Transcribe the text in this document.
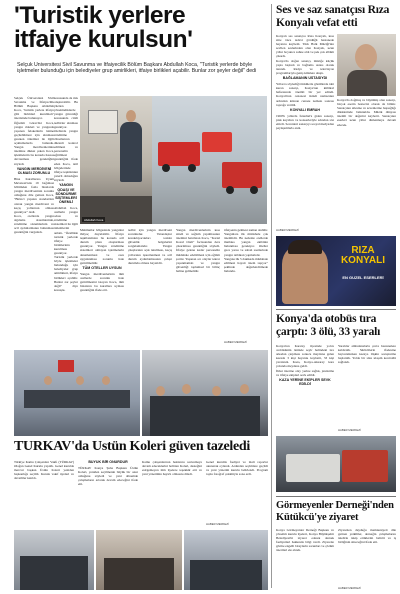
'Turistik yerlere
itfaiye kurulsun'
Selçuk Üniversitesi Sivil Savunma ve İtfaiyecilik Bölüm Başkanı Abdullah Koca, "Turistik yerlerde böyle işletmeler bulunduğu için belediyeler grup amirlikleri, itfaiye birlikleri açabilir. Bunlar zor şeyler değil" dedi
Selçuk Üniversitesi Sivil Savunma ve İtfaiyecilik Bölüm Başkanı Abdullah Koca, "turistik yerlere itfaiye gibi birimleri kurulmalı" önerisinde bulunuyor.
Öğretim Görevlisi Koca, yangın riskleri ve yangında yaşanan felaketlerin önüne geçilebilmesi için alınması gereken önlemler ile ilgili açıklamalarda bulundu. Yangın merdivenlerinin önemine dikkat çeken Koca, işletmelerin bu konuda hassas davranması gerektiğini söyledi.
YANGIN MERDİVENİ OLMASI ZORUNLU
Bina Kurallarına Uyum Mevzuatı'nda 19 bağımsız bölümden fazla binalarda yangın merdiveninin zorunlu olduğunu dile getiren Koca, "Birinci yapının standartları olarak yangın merdiveni ve kaçış yollarının olması gerekiyor" dedi.
Koca, otellerde yangın algılama sistemlerinin, söndürme sistemlerinin ve acil aydınlatmanın bulunması gerektiğini vurguladı.
Abdullah Koca
Mahmutlar bölgesinde yangınlar ihtiyaç duyulabilir. İtfaiye teşkilatımızın bu konuda acil durum planı oluşturması gerekiyor. Yangın söndürme sistemleri olmayan işletmelerin denetlenmesi ve ceza uygulanması zorunlu hale getirilmelidir.
TÜM OTELLER UYSUN
Yangın merdivenlerinin tüm otellerde zorunlu hale getirilmesini isteyen Koca, tüm binaların bu kurallara uyması gerektiğini ifade etti.
tedbir için yangın merdiveni zorunludur. Vatandaşlar konaklayacakları tesisin güvenlik belgelerini sorgulamalıdır. Yangın çıkışlarının açık tutulması, kaçış yollarının işaretlenmesi ve acil durum aydınlatmasının çalışır durumda olması hayatidir.
Yangın merdivenlerinin kısa süreli ve sağlam yapılmasının önemini hatırlatan Koca, "Kartal Kozal Oteli" faciasından ders çıkarılması gerektiğini söyledi. İtfaiye gelene kadar personelin müdahale edebilmesi için eğitim şarttır. Yaşanan acı olaylar tekrar yaşanmamalı ve yangın güvenliği toplumsal bir bilinç haline gelmelidir.
itfaiyenin gelmesi zaman alabilir. Yangınlara ilk müdahale çok önemlidir. Bu nedenle otellerde mutlaka yangın ekibinin bulunması gerekiyor. Oteller gece yarısı ve sabah saatlerinde yangın tatbikatı yapmalıdır.
Yangına ilk 5 dakikada müdahale edilmesi hayati önem taşıyor" şeklinde değerlendirmede bulundu.
konusunda da risk oluşturabilir. Bu yüzden yönetmeliklerde yangın güvenliği konusunda ciddi tedbirler alınması gerekiyor.
Otellerde yangın söndürme cihazlarının düzenli kontrol edilmesi ve personelin eğitilmesi gerektiğini ifade eden Koca, tatil bölgelerinde itfaiye teşkilatının yeterli olmadığını söyledi.
YANGIN ODASI VE SÖNDÜRME SİSTEMLERİ ÖNEMLİ
Abdullah Koca, otellerin yangın odası ve söndürme sistemleri ile ilgili önlemlerini anlattı. "Özellikle turistik yerlerde itfaiye birimlerinin kurulması gerekiyor. Turistik yerlerde böyle işletmeler bulunduğu için belediyeler grup amirlikleri, itfaiye birlikleri açabilir. Bunlar zor şeyler değil" diye konuştu.
HABER MERKEZİ
TÜRKAV'da Üstün Koleri güven tazeledi
Türkiye Kamu Çalışanları Vakfı (TÜRKAV) Olağan Genel Kurulu yapıldı. Genel kurulda mevcut başkan Üstün Koleri yeniden başkanlığa seçildi. Kurula vakıf üyeleri ve davetliler katıldı.
BÜYÜK BİR ONURDUR
TÜRKAV Konya Şube Başkanı Üstün Koleri, yeniden seçilmenin büyük bir onur olduğunu söyledi ve yeni dönemde çalışmaların artarak devam edeceğini ifade etti.
Kamu çalışanlarının haklarını savunmaya devam edeceklerini belirten Koleri, desteğini esirgemeyen tüm üyelere teşekkür etti ve yeni yönetimin hayırlı olmasını diledi.
Genel kurulda faaliyet ve mali raporlar okunarak oylandı. Ardından seçimlere geçildi ve yeni yönetim kurulu belirlendi. Program toplu fotoğraf çekimiyle sona erdi.
HABER MERKEZİ
Ses ve saz sanatçısı Rıza Konyalı vefat etti
Konyalı ses sanatçısı Rıza Konyalı, kısa süre önce tedavi gördüğü hastanede hayatını kaybetti. Türk Halk Müziği'nin sevilen seslerinden olan Konyalı, uzun yıllar boyunca sahne aldı ve pek çok albüm çıkardı.
Konya'da doğan sanatçı, müziğe küçük yaşta başladı ve bağlama ustası olarak tanındı. Radyo ve televizyon programlarıyla geniş kitlelere ulaştı.
BAĞLAMANIN USTASIYDI
Yıllarca söylediği türkülerle gönüllerde taht kuran sanatçı, Konya'nın kültürel hafızasında önemli bir yer edindi. Konyalı'nın cenazesi ikindi namazının ardından kılınan cenaze namazı sonrası toprağa verildi.
KONYALI EMRAH
1960'lı yıllarda İstanbul'a giden sanatçı, plak kayıtları ve konserleriyle adından söz ettirdi. Sevenleri sanatçıyı sosyal medyadan paylaşımlarla andı.
Konya'da doğmuş ve büyümüş olan sanatçı, birçok eserin bestecisi olarak da bilinir. Sanatçının ailesine ve sevenlerine başsağlığı dileklerinde bulunuldu. Müzik dünyası önemli bir değerini kaybetti. Sanatçının eserleri uzun yıllar dinlenmeye devam edecek.
HABER MERKEZİ
RIZA KONYALI
EN GÜZEL ESERLERİ
Konya'da otobüs tıra çarptı: 3 ölü, 33 yaralı
Konya'nın Karatay ilçesinde yolcu otobüsünün önünde seyir halindeki tıra arkadan çarpması sonucu meydana gelen kazada 3 kişi hayatını kaybetti, 33 kişi yaralandı. Kaza, Konya-Aksaray kara yolunda meydana geldi.
İhbar üzerine olay yerine sağlık, jandarma ve itfaiye ekipleri sevk edildi.
KAZA YERİNE EKİPLER SEVK EDİLDİ
Yaralılar ambulanslarla çevre hastanelere kaldırıldı. Sürücülerin ifadesine başvurulurken kazaya ilişkin soruşturma başlatıldı. Yolda bir süre ulaşım kontrollü sağlandı.
HABER MERKEZİ
Görmeyenler Derneği'nden Kütükcü'ye ziyaret
Konya Görmeyenler Derneği Başkanı ve yönetim kurulu üyeleri, Konya Büyükşehir Belediyesi'ni ziyaret ederek dernek faaliyetleri hakkında bilgi verdi. Ziyarette görme engelli bireylerin sorunları ve çözüm önerileri ele alındı.
Ziyaretten duyduğu memnuniyeti dile getiren yetkililer, derneğin çalışmalarını takdirle takip ettiklerini belirtti ve iş birliğinin süreceğini ifade etti.
HABER MERKEZİ
